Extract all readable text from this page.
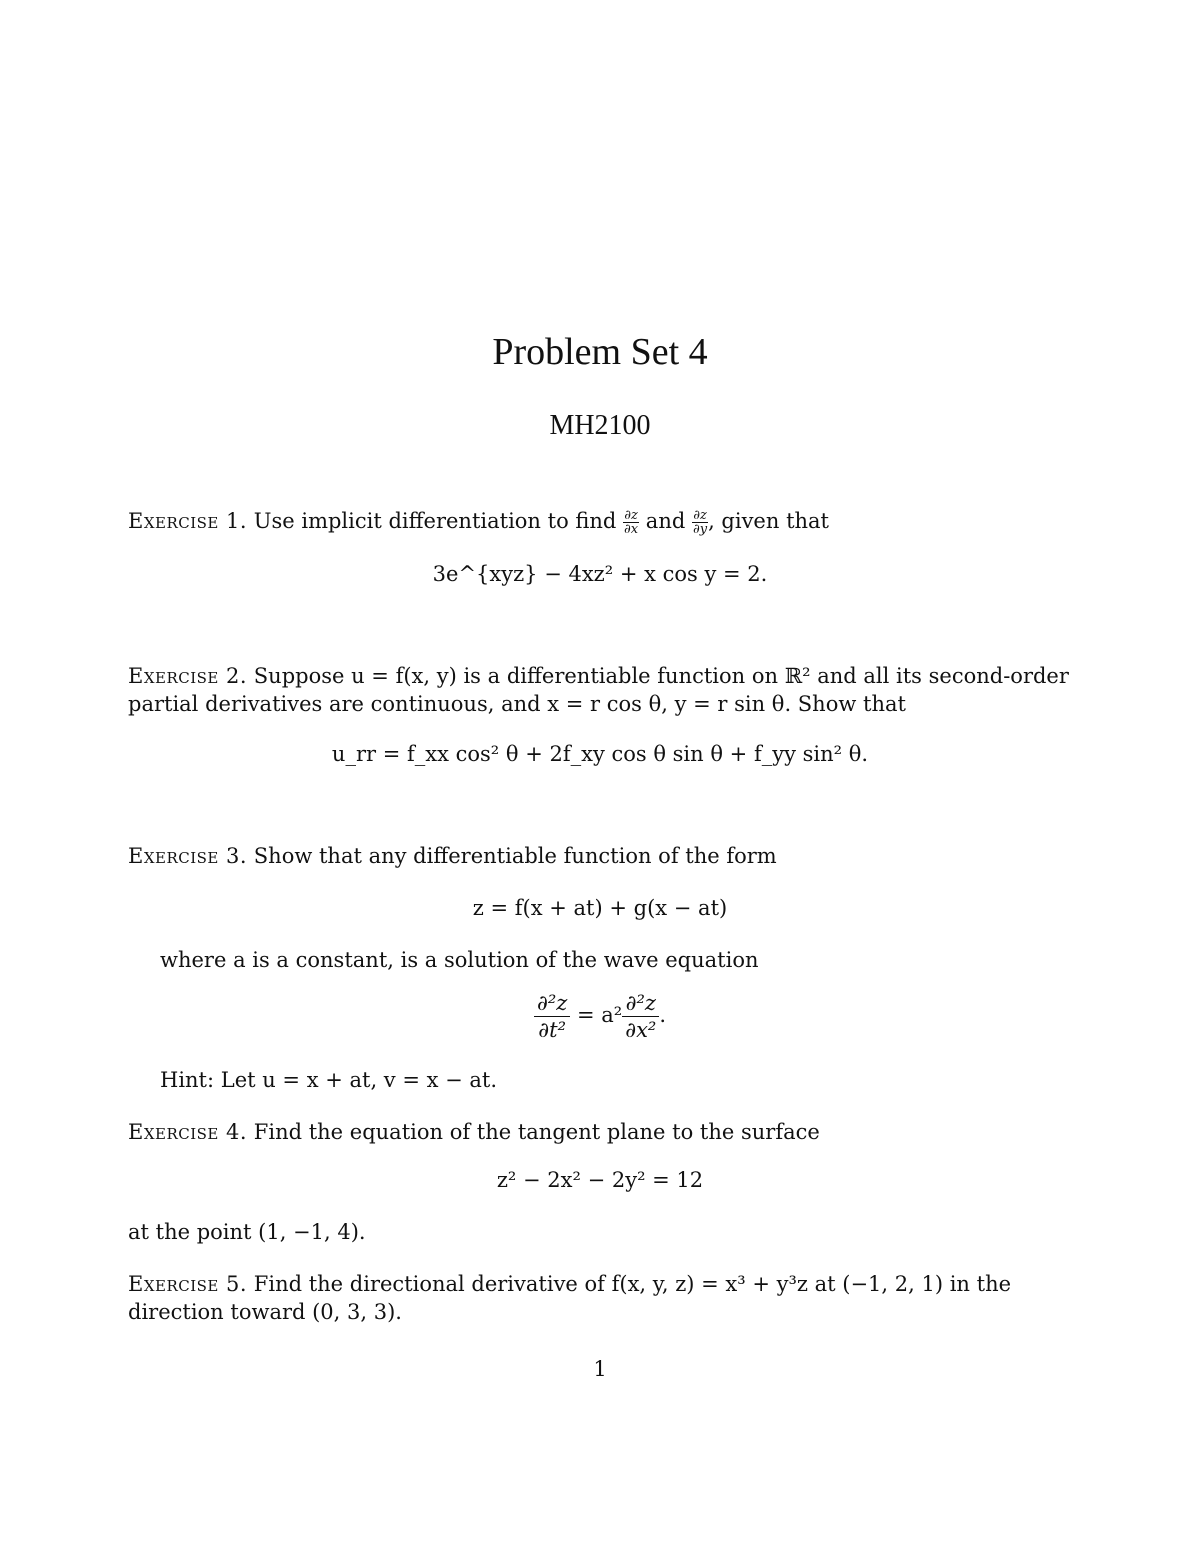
Problem Set 4
MH2100
Exercise 1. Use implicit differentiation to find $\frac{\partial z}{\partial x}$ and $\frac{\partial z}{\partial y}$ , given that
3e^{xyz} − 4xz² + x cos y = 2.
Exercise 2. Suppose u = f(x, y) is a differentiable function on ℝ² and all its second-order
partial derivatives are continuous, and x = r cos θ, y = r sin θ. Show that
u_rr = f_xx cos² θ + 2f_xy cos θ sin θ + f_yy sin² θ.
Exercise 3. Show that any differentiable function of the form
z = f(x + at) + g(x − at)
where a is a constant, is a solution of the wave equation
$\frac{\text{∂²z}}{\text{∂t²}} = a^2 \frac{\text{∂²z}}{\text{∂x²}}$ .
Hint: Let u = x + at, v = x − at.
Exercise 4. Find the equation of the tangent plane to the surface
z² − 2x² − 2y² = 12
at the point (1, −1, 4).
Exercise 5. Find the directional derivative of f(x, y, z) = x³ + y³z at (−1, 2, 1) in the
direction toward (0, 3, 3).
1
